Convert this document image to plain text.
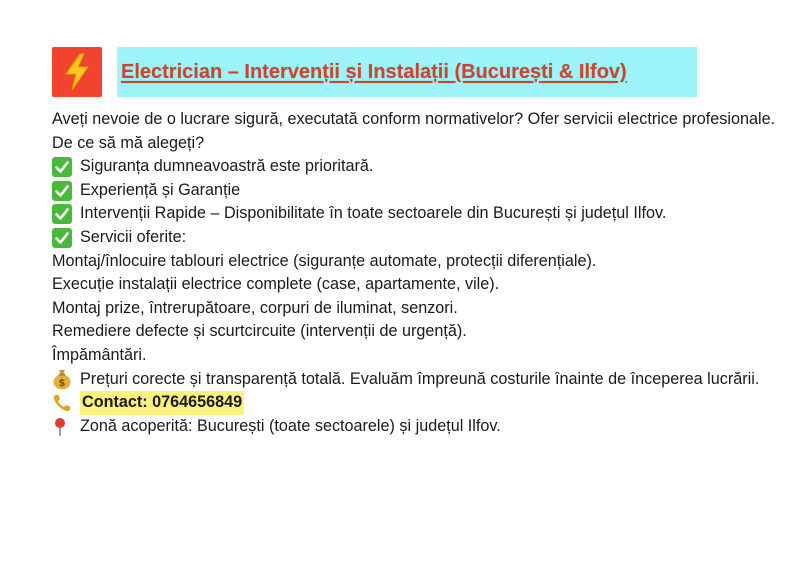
Electrician – Intervenții și Instalații (București & Ilfov)
Aveți nevoie de o lucrare sigură, executată conform normativelor? Ofer servicii electrice profesionale.
De ce să mă alegeți?
Siguranța dumneavoastră este prioritară.
Experiență și Garanție
Intervenții Rapide – Disponibilitate în toate sectoarele din București și județul Ilfov.
Servicii oferite:
Montaj/înlocuire tablouri electrice (siguranțe automate, protecții diferențiale).
Execuție instalații electrice complete (case, apartamente, vile).
Montaj prize, întrerupătoare, corpuri de iluminat, senzori.
Remediere defecte și scurtcircuite (intervenții de urgență).
Împământări.
$ Prețuri corecte și transparență totală. Evaluăm împreună costurile înainte de începerea lucrării.
Contact: 0764656849
Zonă acoperită: București (toate sectoarele) și județul Ilfov.
